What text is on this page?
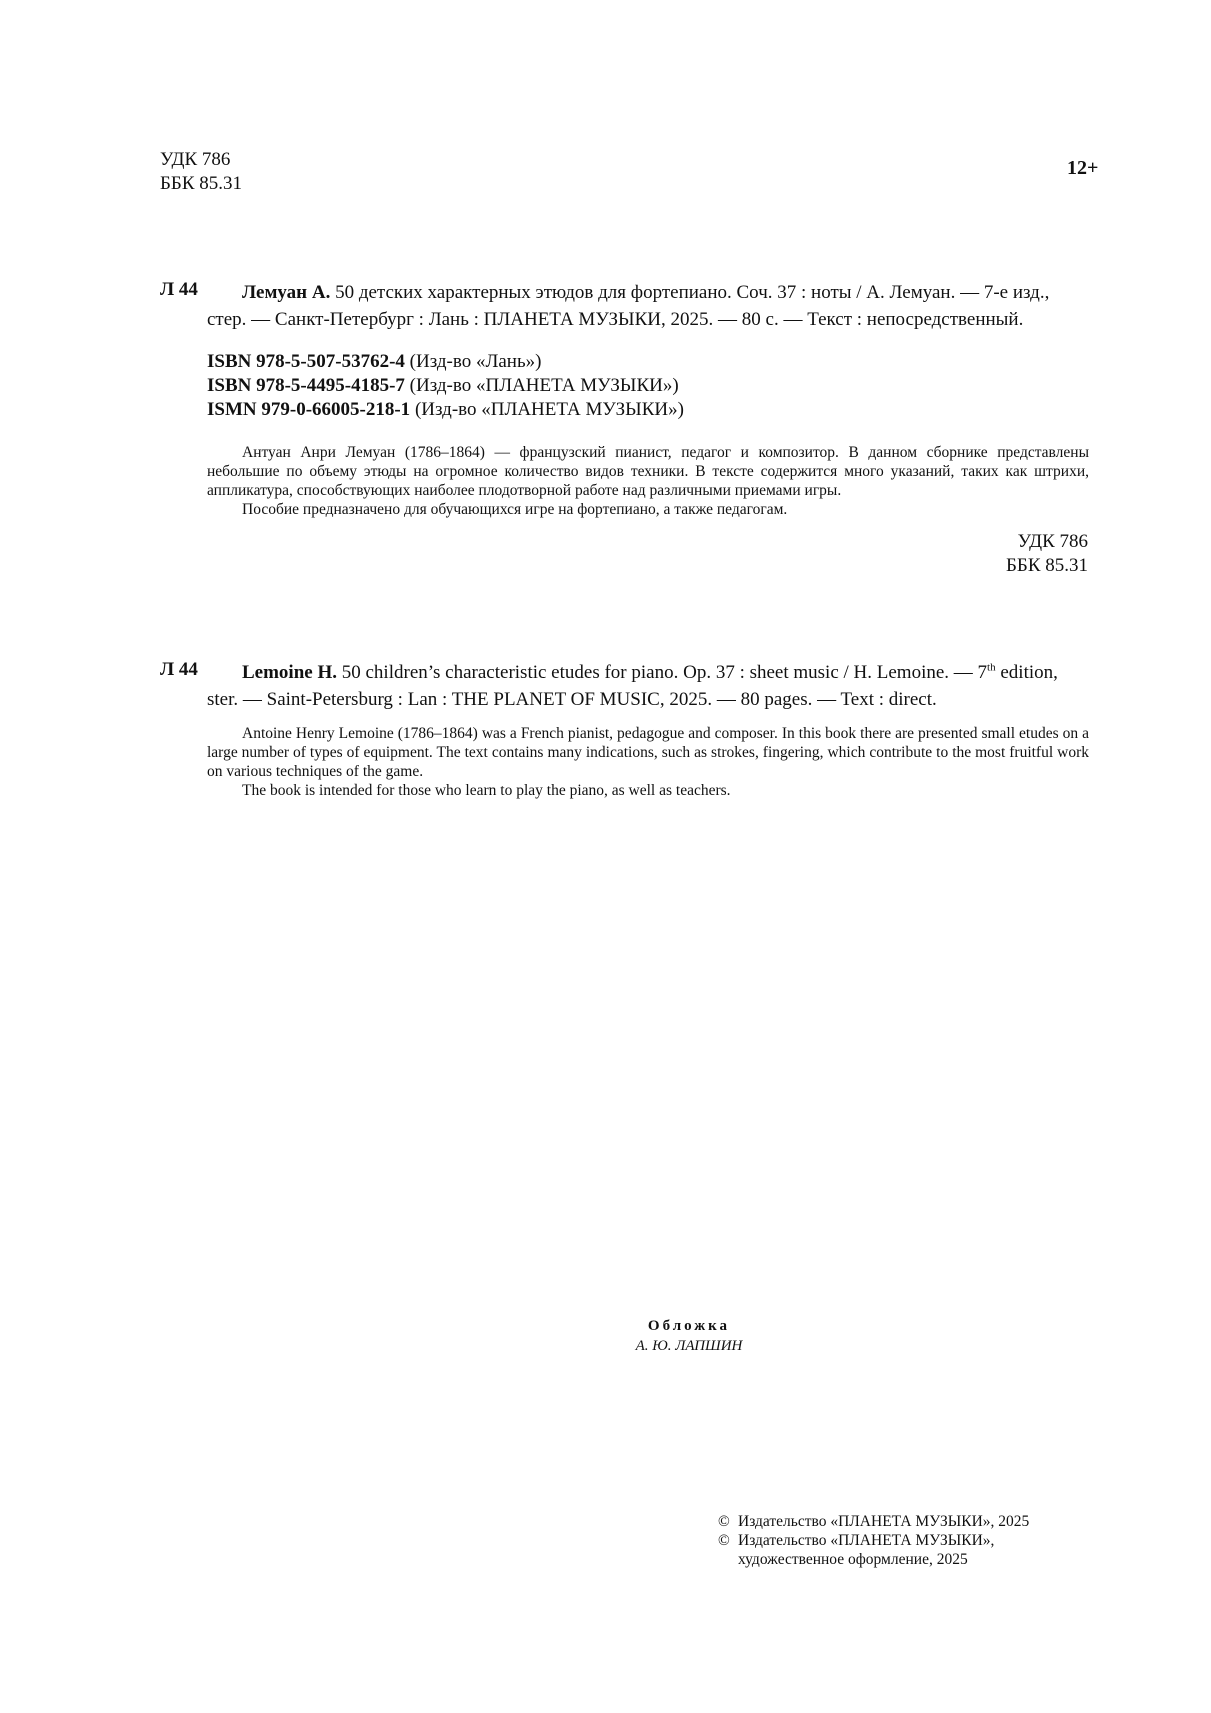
УДК 786
ББК 85.31
12+
Л 44 Лемуан А. 50 детских характерных этюдов для фортепиано. Соч. 37 : ноты / А. Лемуан. — 7-е изд.,
стер. — Санкт-Петербург : Лань : ПЛАНЕТА МУЗЫКИ, 2025. — 80 с. — Текст : непосредственный.
ISBN 978-5-507-53762-4 (Изд-во «Лань»)
ISBN 978-5-4495-4185-7 (Изд-во «ПЛАНЕТА МУЗЫКИ»)
ISMN 979-0-66005-218-1 (Изд-во «ПЛАНЕТА МУЗЫКИ»)
Антуан Анри Лемуан (1786–1864) — французский пианист, педагог и композитор. В данном сборнике представлены небольшие по объему этюды на огромное количество видов техники. В тексте содержится много указаний, таких как штрихи, аппликатура, способствующих наиболее плодотворной работе над различными приемами игры.
Пособие предназначено для обучающихся игре на фортепиано, а также педагогам.
УДК 786
ББК 85.31
Л 44 Lemoine H. 50 children’s characteristic etudes for piano. Op. 37 : sheet music / H. Lemoine. — 7th edition,
ster. — Saint-Petersburg : Lan : THE PLANET OF MUSIC, 2025. — 80 pages. — Text : direct.
Antoine Henry Lemoine (1786–1864) was a French pianist, pedagogue and composer. In this book there are presented small etudes on a large number of types of equipment. The text contains many indications, such as strokes, fingering, which contribute to the most fruitful work on various techniques of the game.
The book is intended for those who learn to play the piano, as well as teachers.
Обложка
А. Ю. ЛАПШИН
© Издательство «ПЛАНЕТА МУЗЫКИ», 2025
© Издательство «ПЛАНЕТА МУЗЫКИ»,
художественное оформление, 2025
